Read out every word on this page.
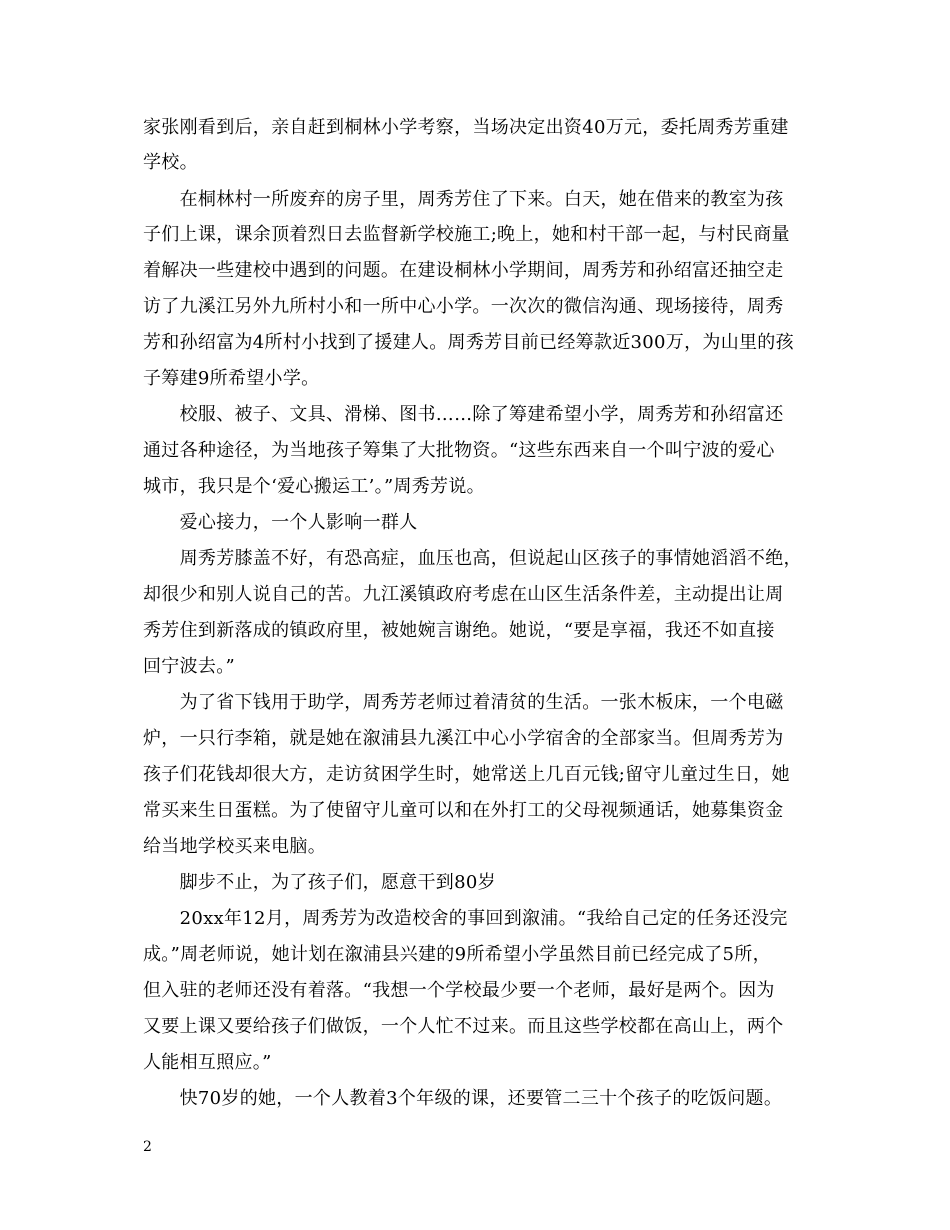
家张刚看到后，亲自赶到桐林小学考察，当场决定出资40万元，委托周秀芳重建
学校。
　　在桐林村一所废弃的房子里，周秀芳住了下来。白天，她在借来的教室为孩
子们上课，课余顶着烈日去监督新学校施工;晚上，她和村干部一起，与村民商量
着解决一些建校中遇到的问题。在建设桐林小学期间，周秀芳和孙绍富还抽空走
访了九溪江另外九所村小和一所中心小学。一次次的微信沟通、现场接待，周秀
芳和孙绍富为4所村小找到了援建人。周秀芳目前已经筹款近300万，为山里的孩
子筹建9所希望小学。
　　校服、被子、文具、滑梯、图书……除了筹建希望小学，周秀芳和孙绍富还
通过各种途径，为当地孩子筹集了大批物资。“这些东西来自一个叫宁波的爱心
城市，我只是个‘爱心搬运工’。”周秀芳说。
　　爱心接力，一个人影响一群人
　　周秀芳膝盖不好，有恐高症，血压也高，但说起山区孩子的事情她滔滔不绝，
却很少和别人说自己的苦。九江溪镇政府考虑在山区生活条件差，主动提出让周
秀芳住到新落成的镇政府里，被她婉言谢绝。她说，“要是享福，我还不如直接
回宁波去。”
　　为了省下钱用于助学，周秀芳老师过着清贫的生活。一张木板床，一个电磁
炉，一只行李箱，就是她在溆浦县九溪江中心小学宿舍的全部家当。但周秀芳为
孩子们花钱却很大方，走访贫困学生时，她常送上几百元钱;留守儿童过生日，她
常买来生日蛋糕。为了使留守儿童可以和在外打工的父母视频通话，她募集资金
给当地学校买来电脑。
　　脚步不止，为了孩子们，愿意干到80岁
　　20xx年12月，周秀芳为改造校舍的事回到溆浦。“我给自己定的任务还没完
成。”周老师说，她计划在溆浦县兴建的9所希望小学虽然目前已经完成了5所，
但入驻的老师还没有着落。“我想一个学校最少要一个老师，最好是两个。因为
又要上课又要给孩子们做饭，一个人忙不过来。而且这些学校都在高山上，两个
人能相互照应。”
　　快70岁的她，一个人教着3个年级的课，还要管二三十个孩子的吃饭问题。
2
